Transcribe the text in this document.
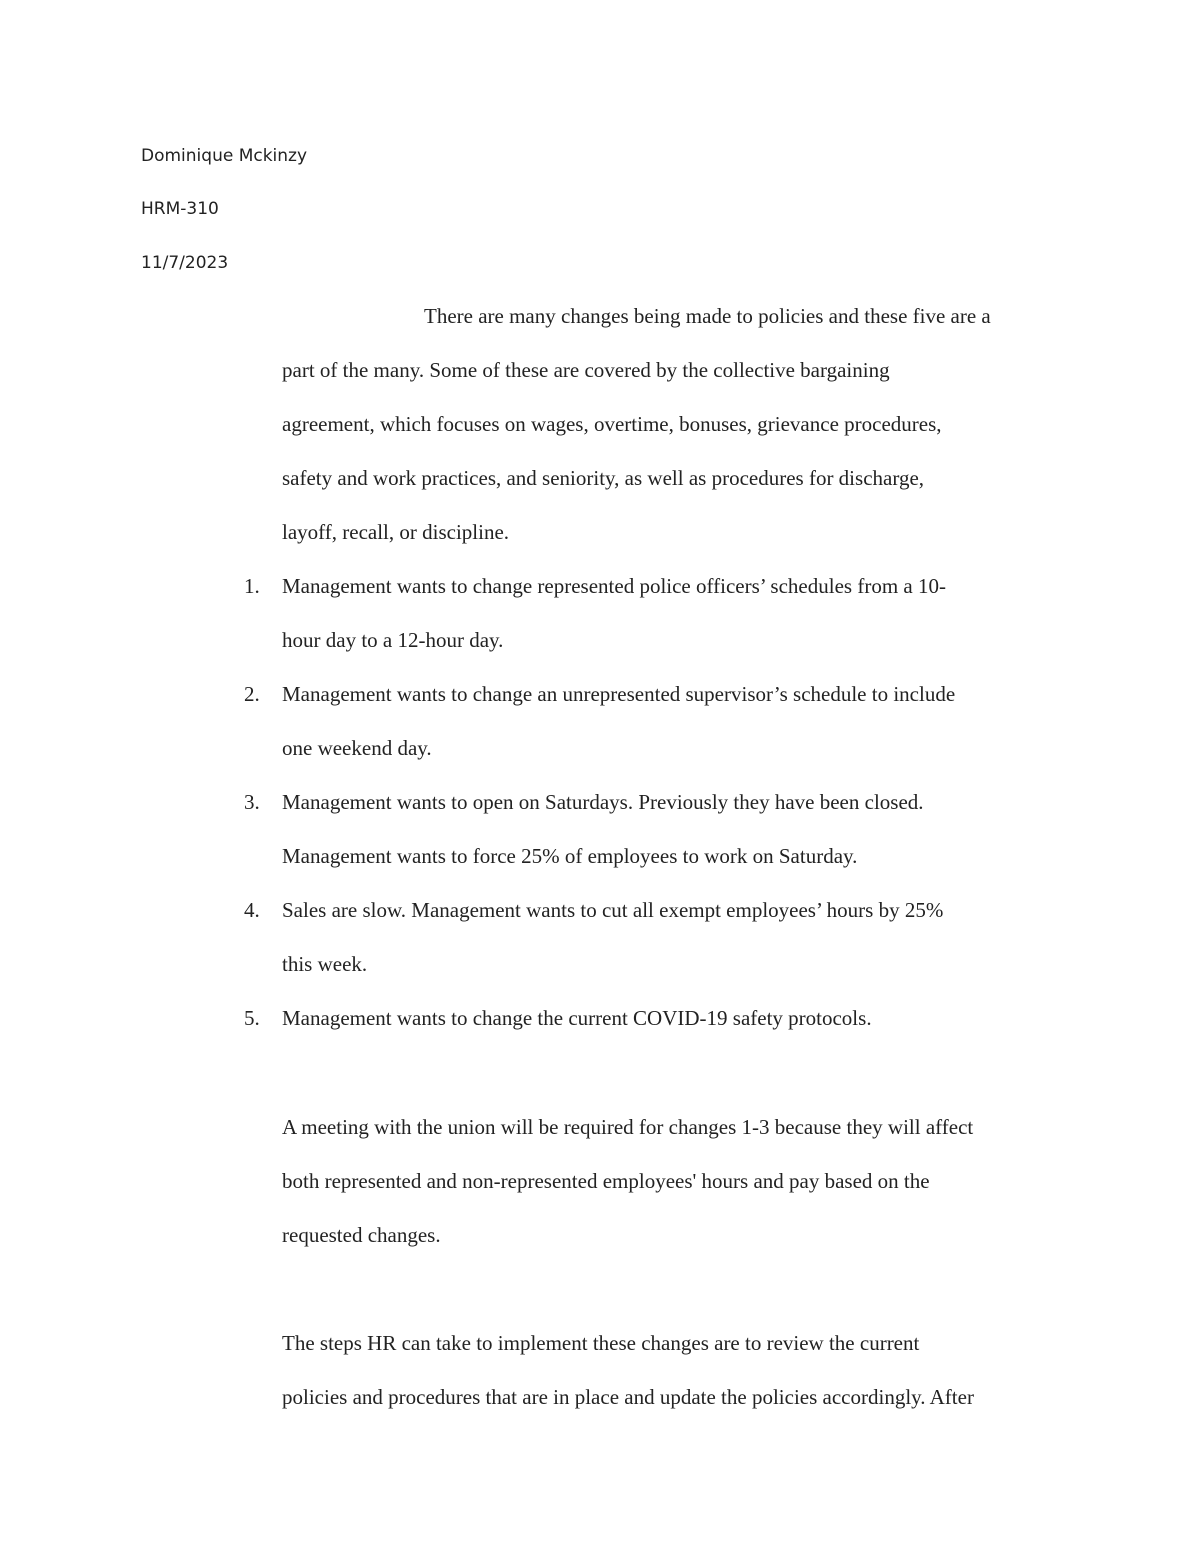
Dominique Mckinzy
HRM-310
11/7/2023
There are many changes being made to policies and these five are a
part of the many. Some of these are covered by the collective bargaining
agreement, which focuses on wages, overtime, bonuses, grievance procedures,
safety and work practices, and seniority, as well as procedures for discharge,
layoff, recall, or discipline.
1. Management wants to change represented police officers’ schedules from a 10-
hour day to a 12-hour day.
2. Management wants to change an unrepresented supervisor’s schedule to include
one weekend day.
3. Management wants to open on Saturdays. Previously they have been closed.
Management wants to force 25% of employees to work on Saturday.
4. Sales are slow. Management wants to cut all exempt employees’ hours by 25%
this week.
5. Management wants to change the current COVID-19 safety protocols.
A meeting with the union will be required for changes 1-3 because they will affect
both represented and non-represented employees' hours and pay based on the
requested changes.
The steps HR can take to implement these changes are to review the current
policies and procedures that are in place and update the policies accordingly. After
